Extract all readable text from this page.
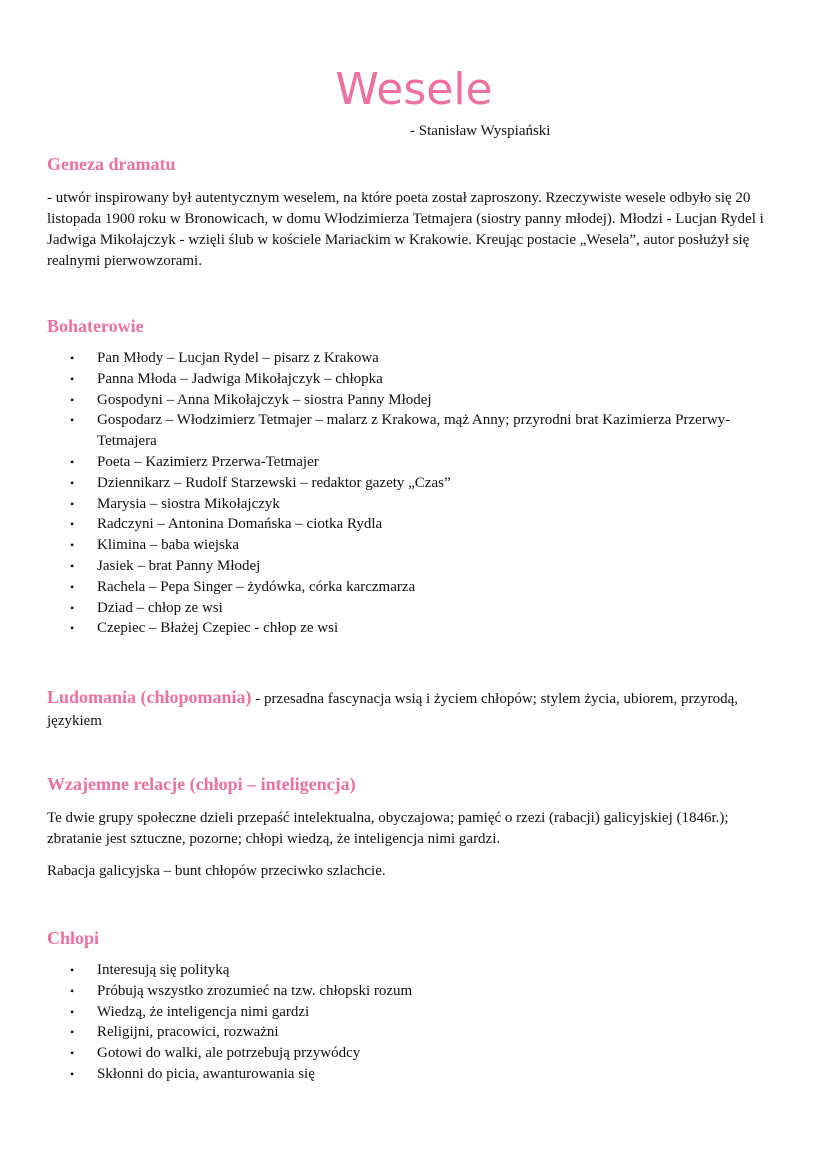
Wesele

- Stanisław Wyspiański

Geneza dramatu

- utwór inspirowany był autentycznym weselem, na które poeta został zaproszony. Rzeczywiste wesele odbyło się 20 listopada 1900 roku w Bronowicach, w domu Włodzimierza Tetmajera (siostry panny młodej). Młodzi - Lucjan Rydel i Jadwiga Mikołajczyk - wzięli ślub w kościele Mariackim w Krakowie. Kreując postacie „Wesela”, autor posłużył się realnymi pierwowzorami.

Bohaterowie
• Pan Młody – Lucjan Rydel – pisarz z Krakowa
• Panna Młoda – Jadwiga Mikołajczyk – chłopka
• Gospodyni – Anna Mikołajczyk – siostra Panny Młodej
• Gospodarz – Włodzimierz Tetmajer – malarz z Krakowa, mąż Anny; przyrodni brat Kazimierza Przerwy-Tetmajera
• Poeta – Kazimierz Przerwa-Tetmajer
• Dziennikarz – Rudolf Starzewski – redaktor gazety „Czas”
• Marysia – siostra Mikołajczyk
• Radczyni – Antonina Domańska – ciotka Rydla
• Klimina – baba wiejska
• Jasiek – brat Panny Młodej
• Rachela – Pepa Singer – żydówka, córka karczmarza
• Dziad – chłop ze wsi
• Czepiec – Błażej Czepiec - chłop ze wsi

Ludomania (chłopomania) - przesadna fascynacja wsią i życiem chłopów; stylem życia, ubiorem, przyrodą, językiem

Wzajemne relacje (chłopi – inteligencja)

Te dwie grupy społeczne dzieli przepaść intelektualna, obyczajowa; pamięć o rzezi (rabacji) galicyjskiej (1846r.); zbratanie jest sztuczne, pozorne; chłopi wiedzą, że inteligencja nimi gardzi.

Rabacja galicyjska – bunt chłopów przeciwko szlachcie.

Chłopi
• Interesują się polityką
• Próbują wszystko zrozumieć na tzw. chłopski rozum
• Wiedzą, że inteligencja nimi gardzi
• Religijni, pracowici, rozważni
• Gotowi do walki, ale potrzebują przywódcy
• Skłonni do picia, awanturowania się
